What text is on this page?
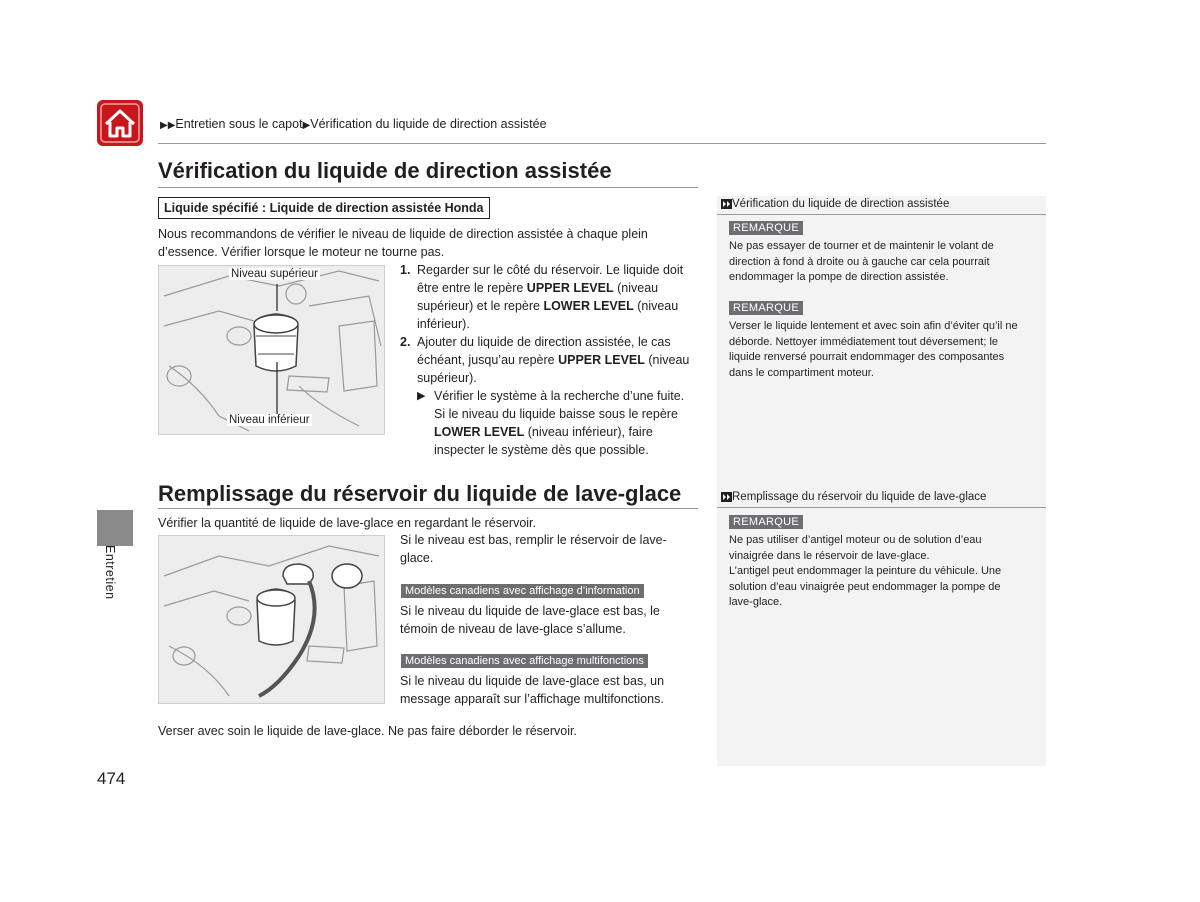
▶▶Entretien sous le capot▶Vérification du liquide de direction assistée
Vérification du liquide de direction assistée
Liquide spécifié : Liquide de direction assistée Honda
Nous recommandons de vérifier le niveau de liquide de direction assistée à chaque plein
d’essence. Vérifier lorsque le moteur ne tourne pas.
Niveau supérieur
Niveau inférieur
1. Regarder sur le côté du réservoir. Le liquide doit
être entre le repère UPPER LEVEL (niveau
supérieur) et le repère LOWER LEVEL (niveau
inférieur).
2. Ajouter du liquide de direction assistée, le cas
échéant, jusqu’au repère UPPER LEVEL (niveau
supérieur).
▶ Vérifier le système à la recherche d’une fuite.
Si le niveau du liquide baisse sous le repère
LOWER LEVEL (niveau inférieur), faire
inspecter le système dès que possible.
Remplissage du réservoir du liquide de lave-glace
Vérifier la quantité de liquide de lave-glace en regardant le réservoir.
Si le niveau est bas, remplir le réservoir de lave-
glace.
Modèles canadiens avec affichage d’information
Si le niveau du liquide de lave-glace est bas, le
témoin de niveau de lave-glace s’allume.
Modèles canadiens avec affichage multifonctions
Si le niveau du liquide de lave-glace est bas, un
message apparaît sur l’affichage multifonctions.
Verser avec soin le liquide de lave-glace. Ne pas faire déborder le réservoir.
Entretien
Vérification du liquide de direction assistée
REMARQUE
Ne pas essayer de tourner et de maintenir le volant de
direction à fond à droite ou à gauche car cela pourrait
endommager la pompe de direction assistée.
REMARQUE
Verser le liquide lentement et avec soin afin d’éviter qu’il ne
déborde. Nettoyer immédiatement tout déversement; le
liquide renversé pourrait endommager des composantes
dans le compartiment moteur.
Remplissage du réservoir du liquide de lave-glace
REMARQUE
Ne pas utiliser d’antigel moteur ou de solution d’eau
vinaigrée dans le réservoir de lave-glace.
L’antigel peut endommager la peinture du véhicule. Une
solution d’eau vinaigrée peut endommager la pompe de
lave-glace.
474
